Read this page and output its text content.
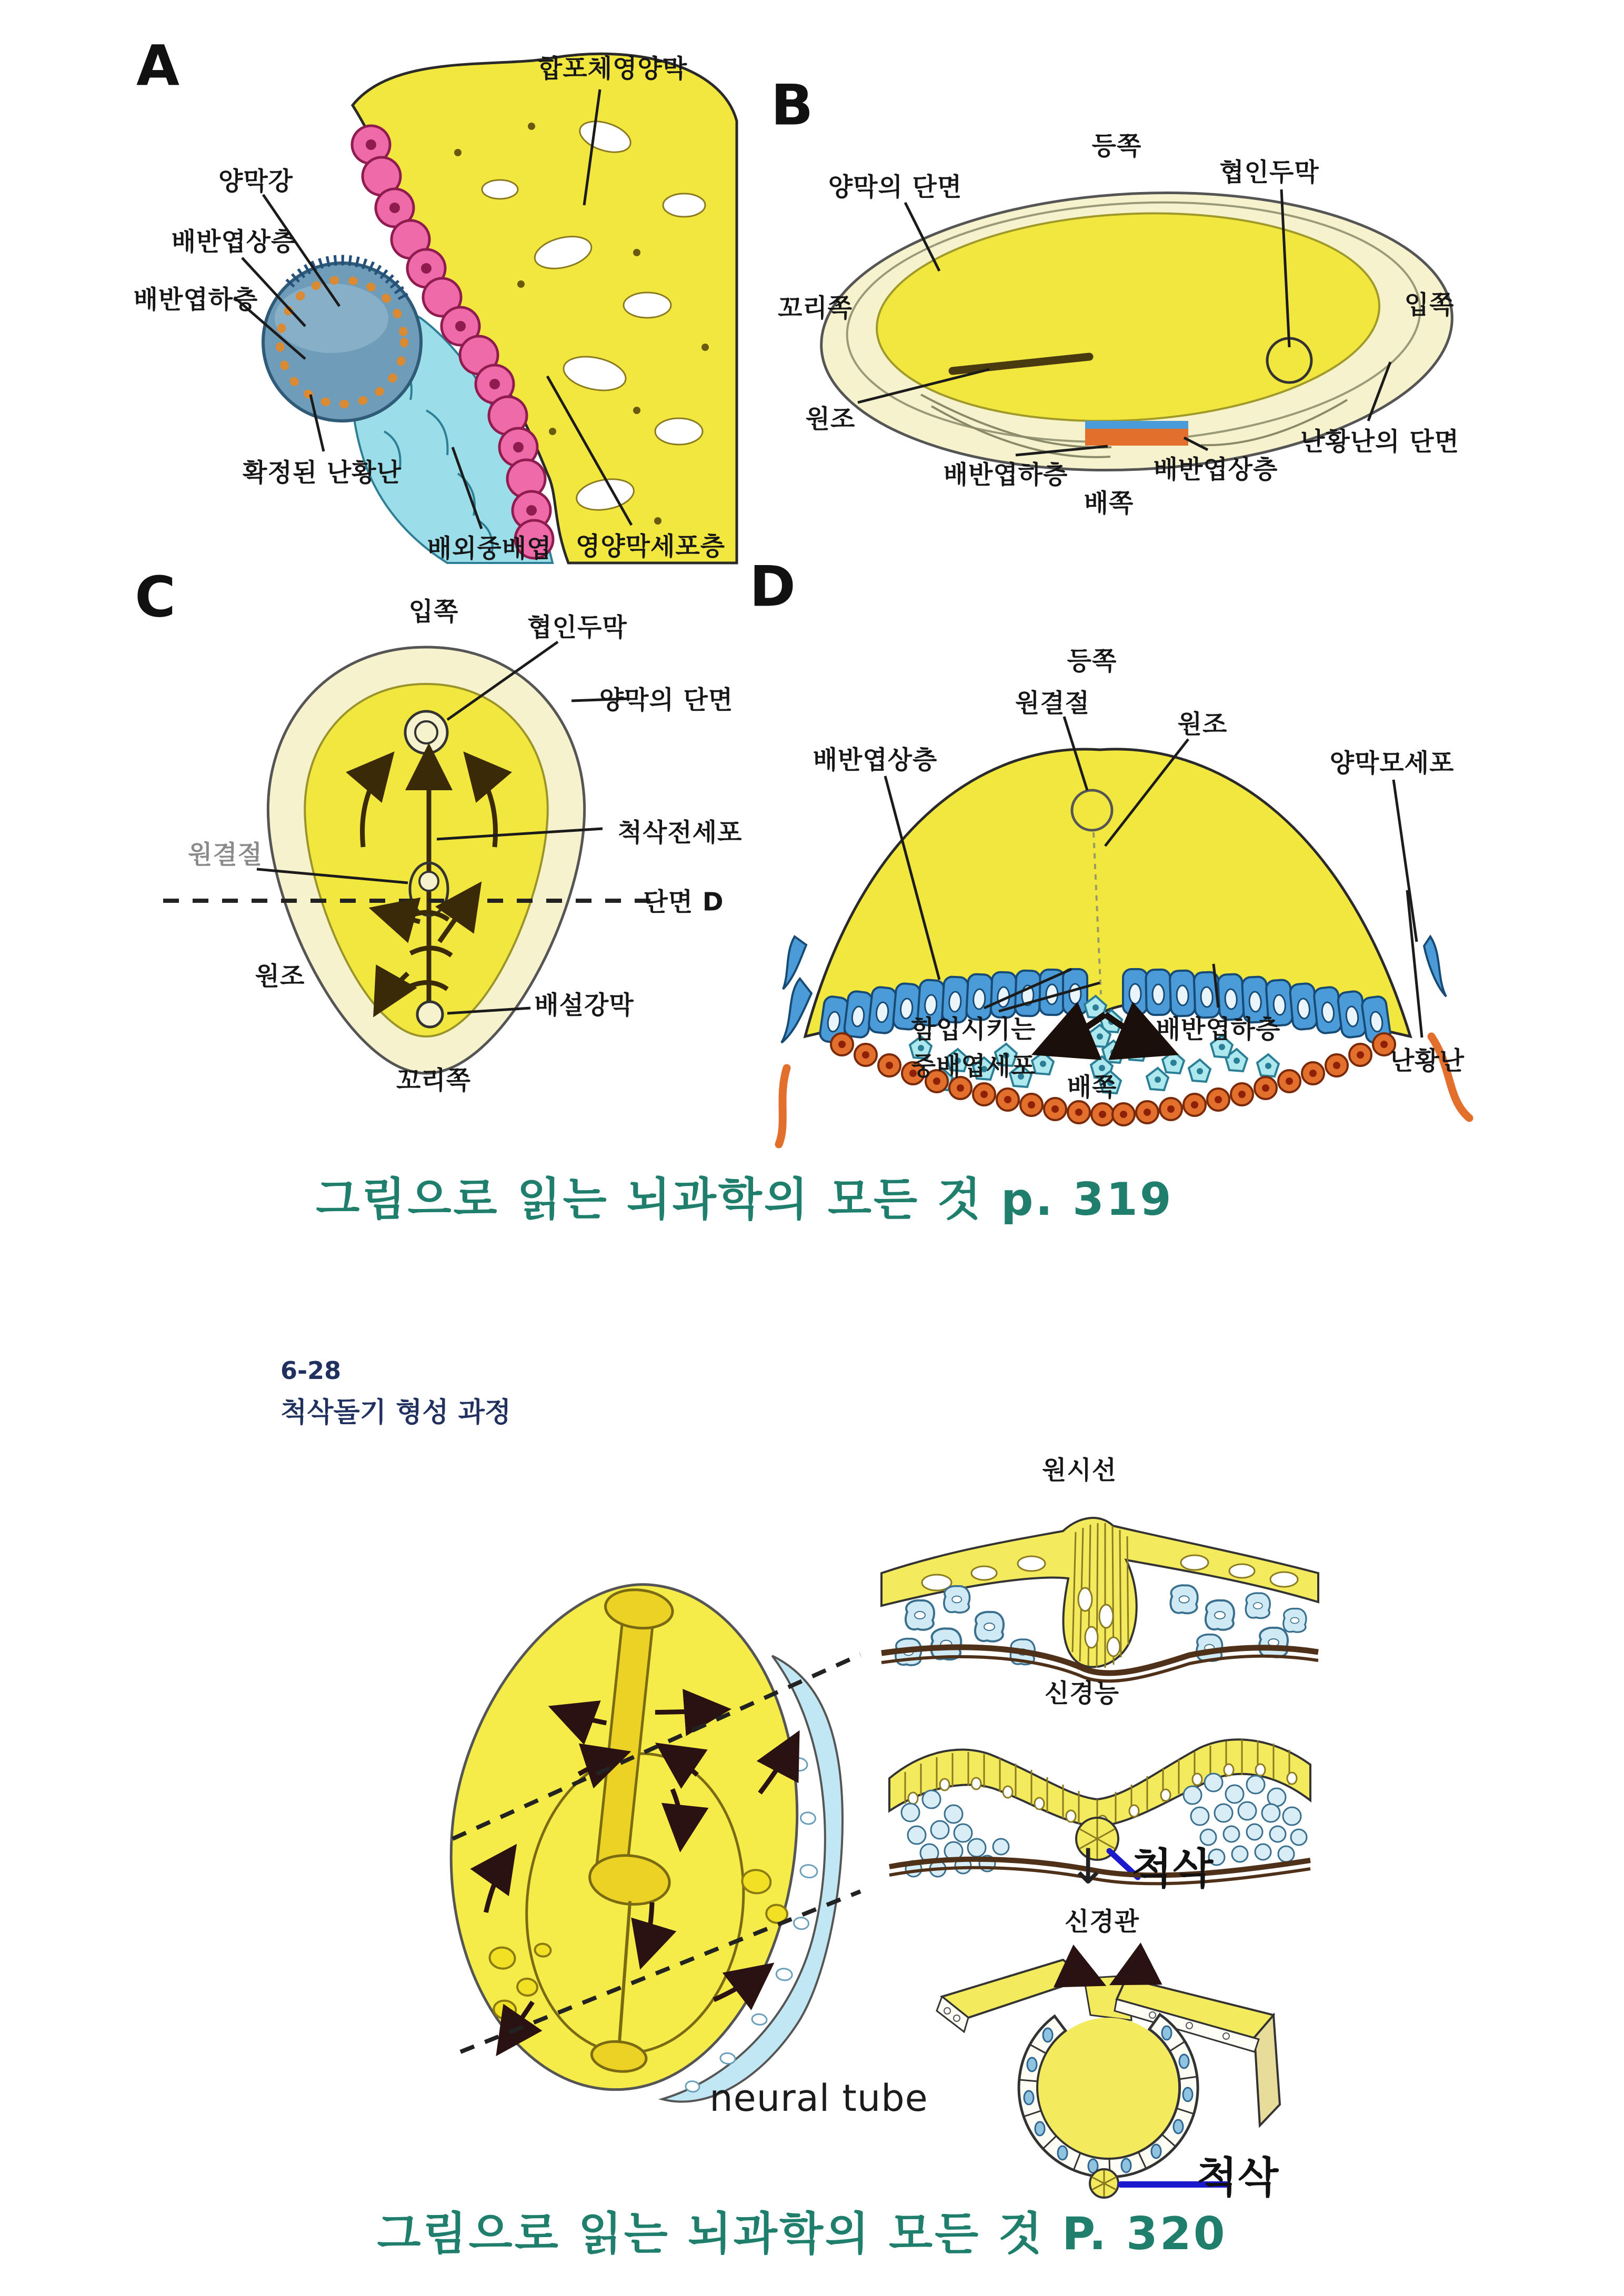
A
B
C	D
합포체영양막
양막강
배반엽상층
배반엽하층
확정된 난황난
배외중배엽 영양막세포층
등쪽
협인두막
양막의 단면
꼬리쪽	입쪽
원조
배반엽하층	배반엽상층
배쪽
난황난의 단면
입쪽
협인두막
양막의 단면
척삭전세포
원결절
단면 D
원조
배설강막
꼬리쪽
등쪽
원결절
원조
배반엽상층	양막모세포
함입시키는
중배엽세포
배반엽하층
배쪽
난황난
그림으로 읽는 뇌과학의 모든 것 p. 319
6-28
척삭돌기 형성 과정
원시선
신경능
↓ 척삭
신경관
neural tube
척삭
그림으로 읽는 뇌과학의 모든 것 P. 320
